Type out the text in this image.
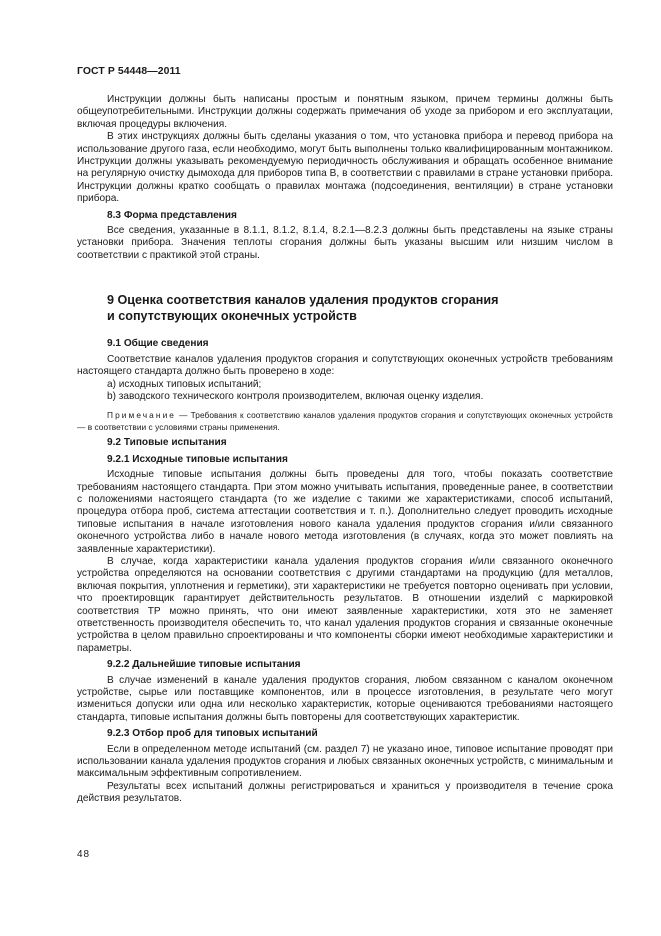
ГОСТ Р 54448—2011

Инструкции должны быть написаны простым и понятным языком, причем термины должны быть общеупотребительными. Инструкции должны содержать примечания об уходе за прибором и его эксплуатации, включая процедуры включения.

В этих инструкциях должны быть сделаны указания о том, что установка прибора и перевод прибора на использование другого газа, если необходимо, могут быть выполнены только квалифицированным монтажником. Инструкции должны указывать рекомендуемую периодичность обслуживания и обращать особенное внимание на регулярную очистку дымохода для приборов типа В, в соответствии с правилами в стране установки прибора. Инструкции должны кратко сообщать о правилах монтажа (подсоединения, вентиляции) в стране установки прибора.

8.3 Форма представления

Все сведения, указанные в 8.1.1, 8.1.2, 8.1.4, 8.2.1—8.2.3 должны быть представлены на языке страны установки прибора. Значения теплоты сгорания должны быть указаны высшим или низшим числом в соответствии с практикой этой страны.

9 Оценка соответствия каналов удаления продуктов сгорания
и сопутствующих оконечных устройств
9.1 Общие сведения

Соответствие каналов удаления продуктов сгорания и сопутствующих оконечных устройств требованиям настоящего стандарта должно быть проверено в ходе:

а) исходных типовых испытаний;

b) заводского технического контроля производителем, включая оценку изделия.

Примечание — Требования к соответствию каналов удаления продуктов сгорания и сопутствующих оконечных устройств — в соответствии с условиями страны применения.

9.2 Типовые испытания
9.2.1 Исходные типовые испытания

Исходные типовые испытания должны быть проведены для того, чтобы показать соответствие требованиям настоящего стандарта. При этом можно учитывать испытания, проведенные ранее, в соответствии с положениями настоящего стандарта (то же изделие с такими же характеристиками, способ испытаний, процедура отбора проб, система аттестации соответствия и т. п.). Дополнительно следует проводить исходные типовые испытания в начале изготовления нового канала удаления продуктов сгорания и/или связанного оконечного устройства либо в начале нового метода изготовления (в случаях, когда это может повлиять на заявленные характеристики).

В случае, когда характеристики канала удаления продуктов сгорания и/или связанного оконечного устройства определяются на основании соответствия с другими стандартами на продукцию (для металлов, включая покрытия, уплотнения и герметики), эти характеристики не требуется повторно оценивать при условии, что проектировщик гарантирует действительность результатов. В отношении изделий с маркировкой соответствия ТР можно принять, что они имеют заявленные характеристики, хотя это не заменяет ответственность производителя обеспечить то, что канал удаления продуктов сгорания и связанные оконечные устройства в целом правильно спроектированы и что компоненты сборки имеют необходимые характеристики и параметры.

9.2.2 Дальнейшие типовые испытания

В случае изменений в канале удаления продуктов сгорания, любом связанном с каналом оконечном устройстве, сырье или поставщике компонентов, или в процессе изготовления, в результате чего могут измениться допуски или одна или несколько характеристик, которые оцениваются требованиями настоящего стандарта, типовые испытания должны быть повторены для соответствующих характеристик.

9.2.3 Отбор проб для типовых испытаний

Если в определенном методе испытаний (см. раздел 7) не указано иное, типовое испытание проводят при использовании канала удаления продуктов сгорания и любых связанных оконечных устройств, с минимальным и максимальным эффективным сопротивлением.

Результаты всех испытаний должны регистрироваться и храниться у производителя в течение срока действия результатов.

48
